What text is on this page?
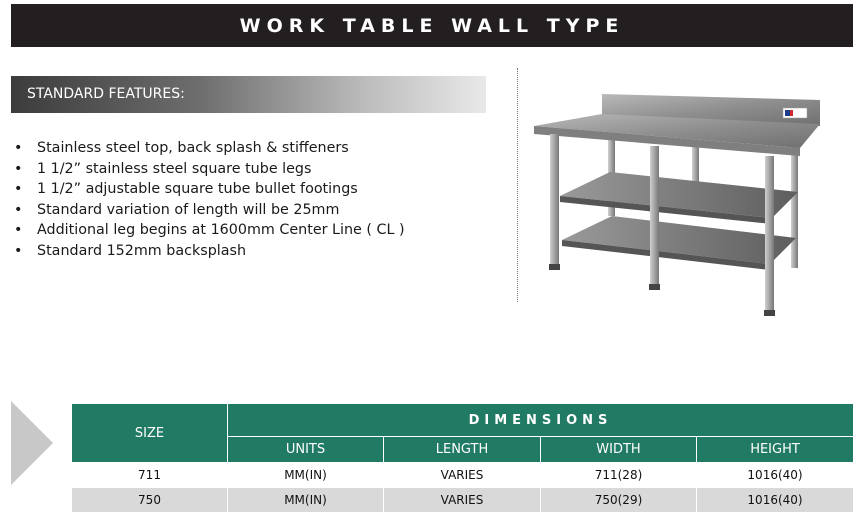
WORK TABLE WALL TYPE
STANDARD FEATURES:
• Stainless steel top, back splash & stiffeners
• 1 1/2” stainless steel square tube legs
• 1 1/2” adjustable square tube bullet footings
• Standard variation of length will be 25mm
• Additional leg begins at 1600mm Center Line ( CL )
• Standard 152mm backsplash
SIZE	DIMENSIONS			
	UNITS	LENGTH	WIDTH	HEIGHT
711	MM(IN)	VARIES	711(28)	1016(40)
750	MM(IN)	VARIES	750(29)	1016(40)
